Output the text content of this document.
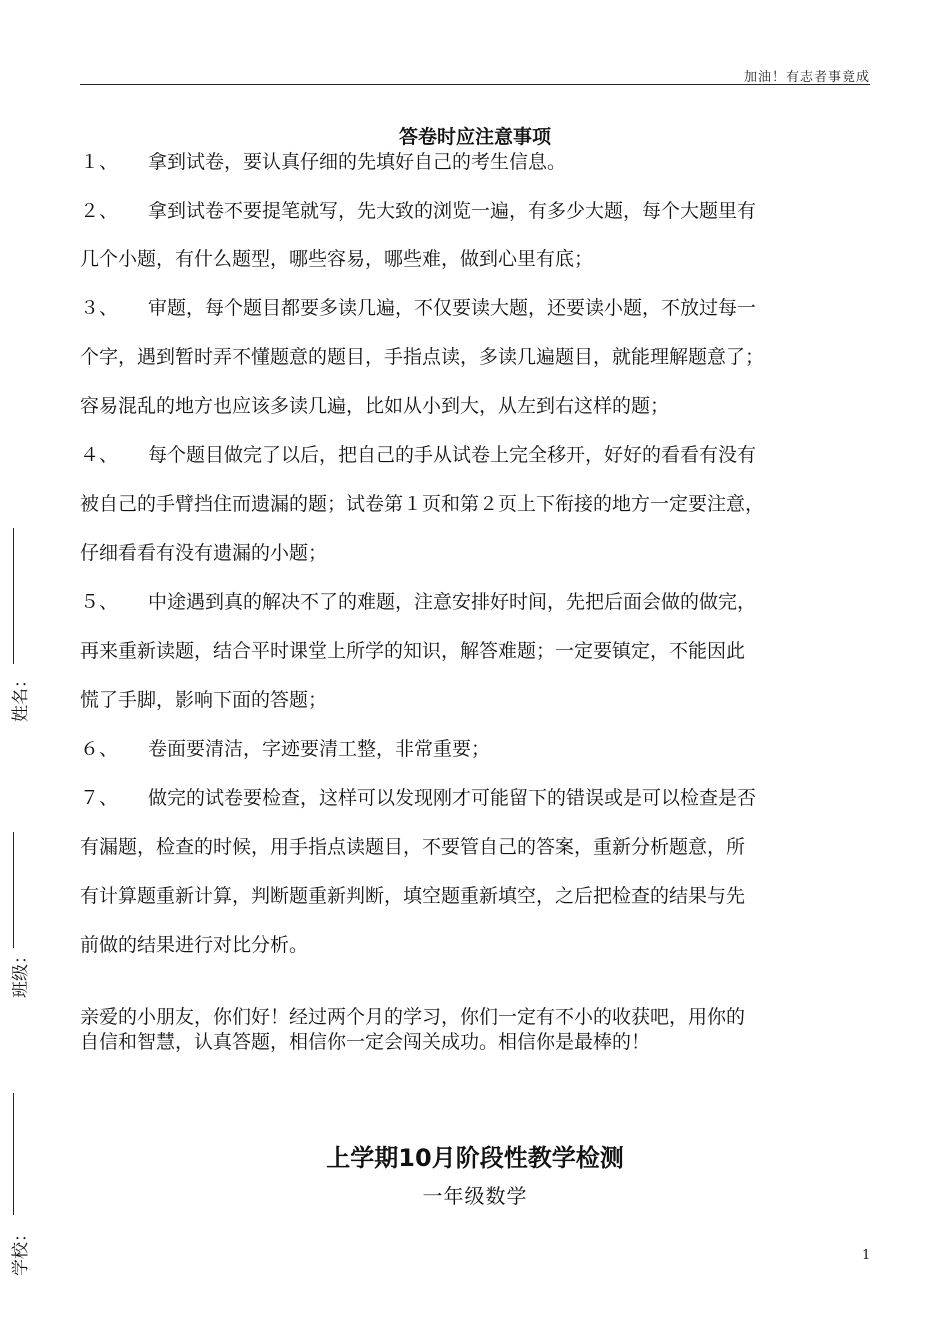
加油！有志者事竟成
答卷时应注意事项
１、 拿到试卷，要认真仔细的先填好自己的考生信息。
２、 拿到试卷不要提笔就写，先大致的浏览一遍，有多少大题，每个大题里有
几个小题，有什么题型，哪些容易，哪些难，做到心里有底；
３、 审题，每个题目都要多读几遍，不仅要读大题，还要读小题，不放过每一
个字，遇到暂时弄不懂题意的题目，手指点读，多读几遍题目，就能理解题意了；
容易混乱的地方也应该多读几遍，比如从小到大，从左到右这样的题；
４、 每个题目做完了以后，把自己的手从试卷上完全移开，好好的看看有没有
被自己的手臂挡住而遗漏的题；试卷第１页和第２页上下衔接的地方一定要注意，
仔细看看有没有遗漏的小题；
５、 中途遇到真的解决不了的难题，注意安排好时间，先把后面会做的做完，
再来重新读题，结合平时课堂上所学的知识，解答难题；一定要镇定，不能因此
慌了手脚，影响下面的答题；
６、 卷面要清洁，字迹要清工整，非常重要；
７、 做完的试卷要检查，这样可以发现刚才可能留下的错误或是可以检查是否
有漏题，检查的时候，用手指点读题目，不要管自己的答案，重新分析题意，所
有计算题重新计算，判断题重新判断，填空题重新填空，之后把检查的结果与先
前做的结果进行对比分析。
亲爱的小朋友，你们好！经过两个月的学习，你们一定有不小的收获吧，用你的
自信和智慧，认真答题，相信你一定会闯关成功。相信你是最棒的！
上学期10月阶段性教学检测
一年级数学
1
姓名：
班级：
学校：
